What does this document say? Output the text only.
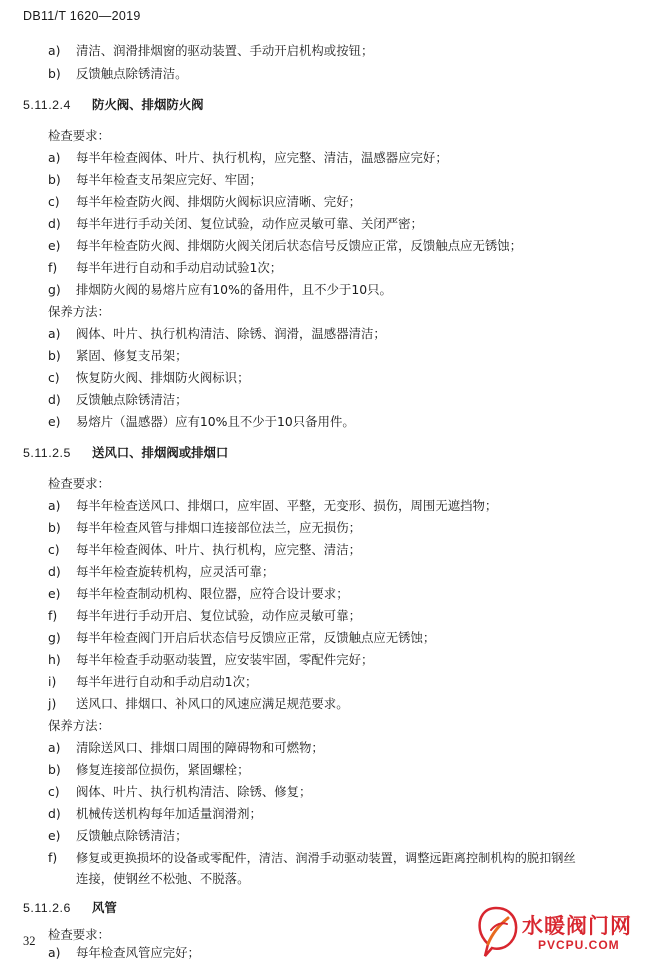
DB11/T 1620—2019
a) 清洁、润滑排烟窗的驱动装置、手动开启机构或按钮；
b) 反馈触点除锈清洁。
5.11.2.4 防火阀、排烟防火阀
检查要求：
a) 每半年检查阀体、叶片、执行机构，应完整、清洁，温感器应完好；
b) 每半年检查支吊架应完好、牢固；
c) 每半年检查防火阀、排烟防火阀标识应清晰、完好；
d) 每半年进行手动关闭、复位试验，动作应灵敏可靠、关闭严密；
e) 每半年检查防火阀、排烟防火阀关闭后状态信号反馈应正常，反馈触点应无锈蚀；
f) 每半年进行自动和手动启动试验1次；
g) 排烟防火阀的易熔片应有10%的备用件，且不少于10只。
保养方法：
a) 阀体、叶片、执行机构清洁、除锈、润滑，温感器清洁；
b) 紧固、修复支吊架；
c) 恢复防火阀、排烟防火阀标识；
d) 反馈触点除锈清洁；
e) 易熔片（温感器）应有10%且不少于10只备用件。
5.11.2.5 送风口、排烟阀或排烟口
检查要求：
a) 每半年检查送风口、排烟口，应牢固、平整，无变形、损伤，周围无遮挡物；
b) 每半年检查风管与排烟口连接部位法兰，应无损伤；
c) 每半年检查阀体、叶片、执行机构，应完整、清洁；
d) 每半年检查旋转机构，应灵活可靠；
e) 每半年检查制动机构、限位器，应符合设计要求；
f) 每半年进行手动开启、复位试验，动作应灵敏可靠；
g) 每半年检查阀门开启后状态信号反馈应正常，反馈触点应无锈蚀；
h) 每半年检查手动驱动装置，应安装牢固，零配件完好；
i) 每半年进行自动和手动启动1次；
j) 送风口、排烟口、补风口的风速应满足规范要求。
保养方法：
a) 清除送风口、排烟口周围的障碍物和可燃物；
b) 修复连接部位损伤，紧固螺栓；
c) 阀体、叶片、执行机构清洁、除锈、修复；
d) 机械传送机构每年加适量润滑剂；
e) 反馈触点除锈清洁；
f) 修复或更换损坏的设备或零配件，清洁、润滑手动驱动装置，调整远距离控制机构的脱扣钢丝
连接，使钢丝不松弛、不脱落。
5.11.2.6 风管
检查要求：
a) 每年检查风管应完好；
32
水暖阀门网
PVCPU.COM
